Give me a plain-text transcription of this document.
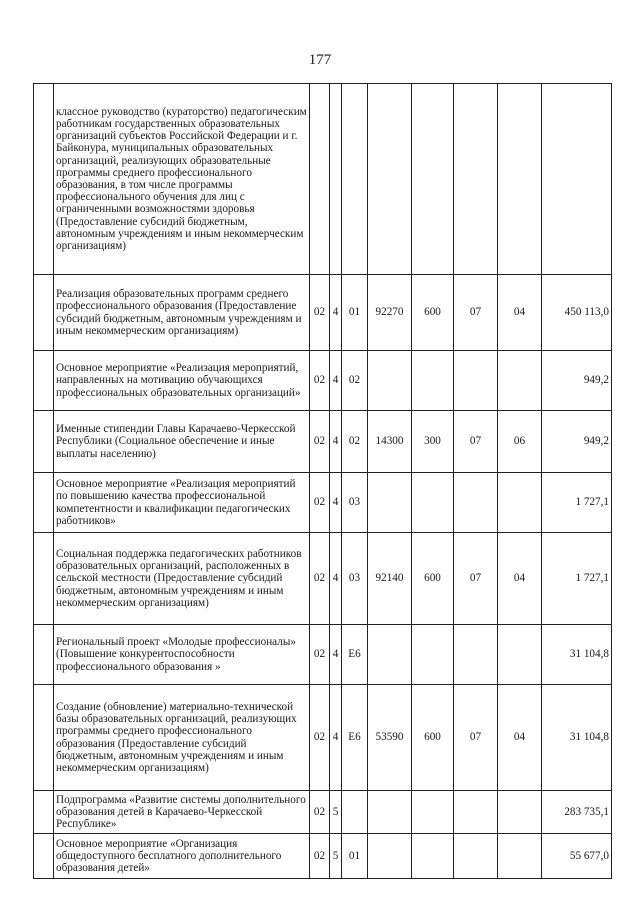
177
	классное руководство (кураторство) педагогическим работникам государственных образовательных организаций субъектов Российской Федерации и г. Байконура, муниципальных образовательных организаций, реализующих образовательные программы среднего профессионального образования, в том числе программы профессионального обучения для лиц с ограниченными возможностями здоровья (Предоставление субсидий бюджетным, автономным учреждениям и иным некоммерческим организациям)								
	Реализация образовательных программ среднего профессионального образования (Предоставление субсидий бюджетным, автономным учреждениям и иным некоммерческим организациям)	02	4	01	92270	600	07	04	450 113,0
	Основное мероприятие «Реализация мероприятий, направленных на мотивацию обучающихся профессиональных образовательных организаций»	02	4	02					949,2
	Именные стипендии Главы Карачаево-Черкесской Республики (Социальное обеспечение и иные выплаты населению)	02	4	02	14300	300	07	06	949,2
	Основное мероприятие «Реализация мероприятий по повышению качества профессиональной компетентности и квалификации педагогических работников»	02	4	03					1 727,1
	Социальная поддержка педагогических работников образовательных организаций, расположенных в сельской местности (Предоставление субсидий бюджетным, автономным учреждениям и иным некоммерческим организациям)	02	4	03	92140	600	07	04	1 727,1
	Региональный проект «Молодые профессионалы» (Повышение конкурентоспособности профессионального образования »	02	4	Е6					31 104,8
	Создание (обновление) материально-технической базы образовательных организаций, реализующих программы среднего профессионального образования (Предоставление субсидий бюджетным, автономным учреждениям и иным некоммерческим организациям)	02	4	Е6	53590	600	07	04	31 104,8
	Подпрограмма «Развитие системы дополнительного образования детей в Карачаево-Черкесской Республике»	02	5						283 735,1
	Основное мероприятие «Организация общедоступного бесплатного дополнительного образования детей»	02	5	01					55 677,0
